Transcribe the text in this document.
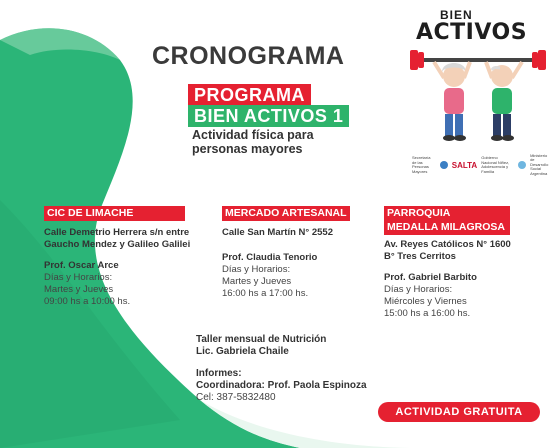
CRONOGRAMA
PROGRAMA
BIEN ACTIVOS 1
Actividad física para
personas mayores
BIEN
ACTIVOS
Secretaría de las Personas Mayores
SALTA
Gobierno Nacional Niñez, Adolescencia y Familia
Ministerio de Desarrollo Social Argentina
CIC DE LIMACHE
Calle Demetrio Herrera s/n entre Gaucho Mendez y Galileo Galilei
Prof. Oscar Arce
Días y Horarios:
Martes y Jueves
09:00 hs a 10:00 hs.
MERCADO ARTESANAL
Calle San Martín N° 2552
Prof. Claudia Tenorio
Días y Horarios:
Martes y Jueves
16:00 hs a 17:00 hs.
PARROQUIA
MEDALLA MILAGROSA
Av. Reyes Católicos N° 1600
B° Tres Cerritos
Prof. Gabriel Barbito
Días y Horarios:
Miércoles y Viernes
15:00 hs a 16:00 hs.
Taller mensual de Nutrición
Lic. Gabriela Chaile
Informes:
Coordinadora: Prof. Paola Espinoza
Cel: 387-5832480
ACTIVIDAD GRATUITA
